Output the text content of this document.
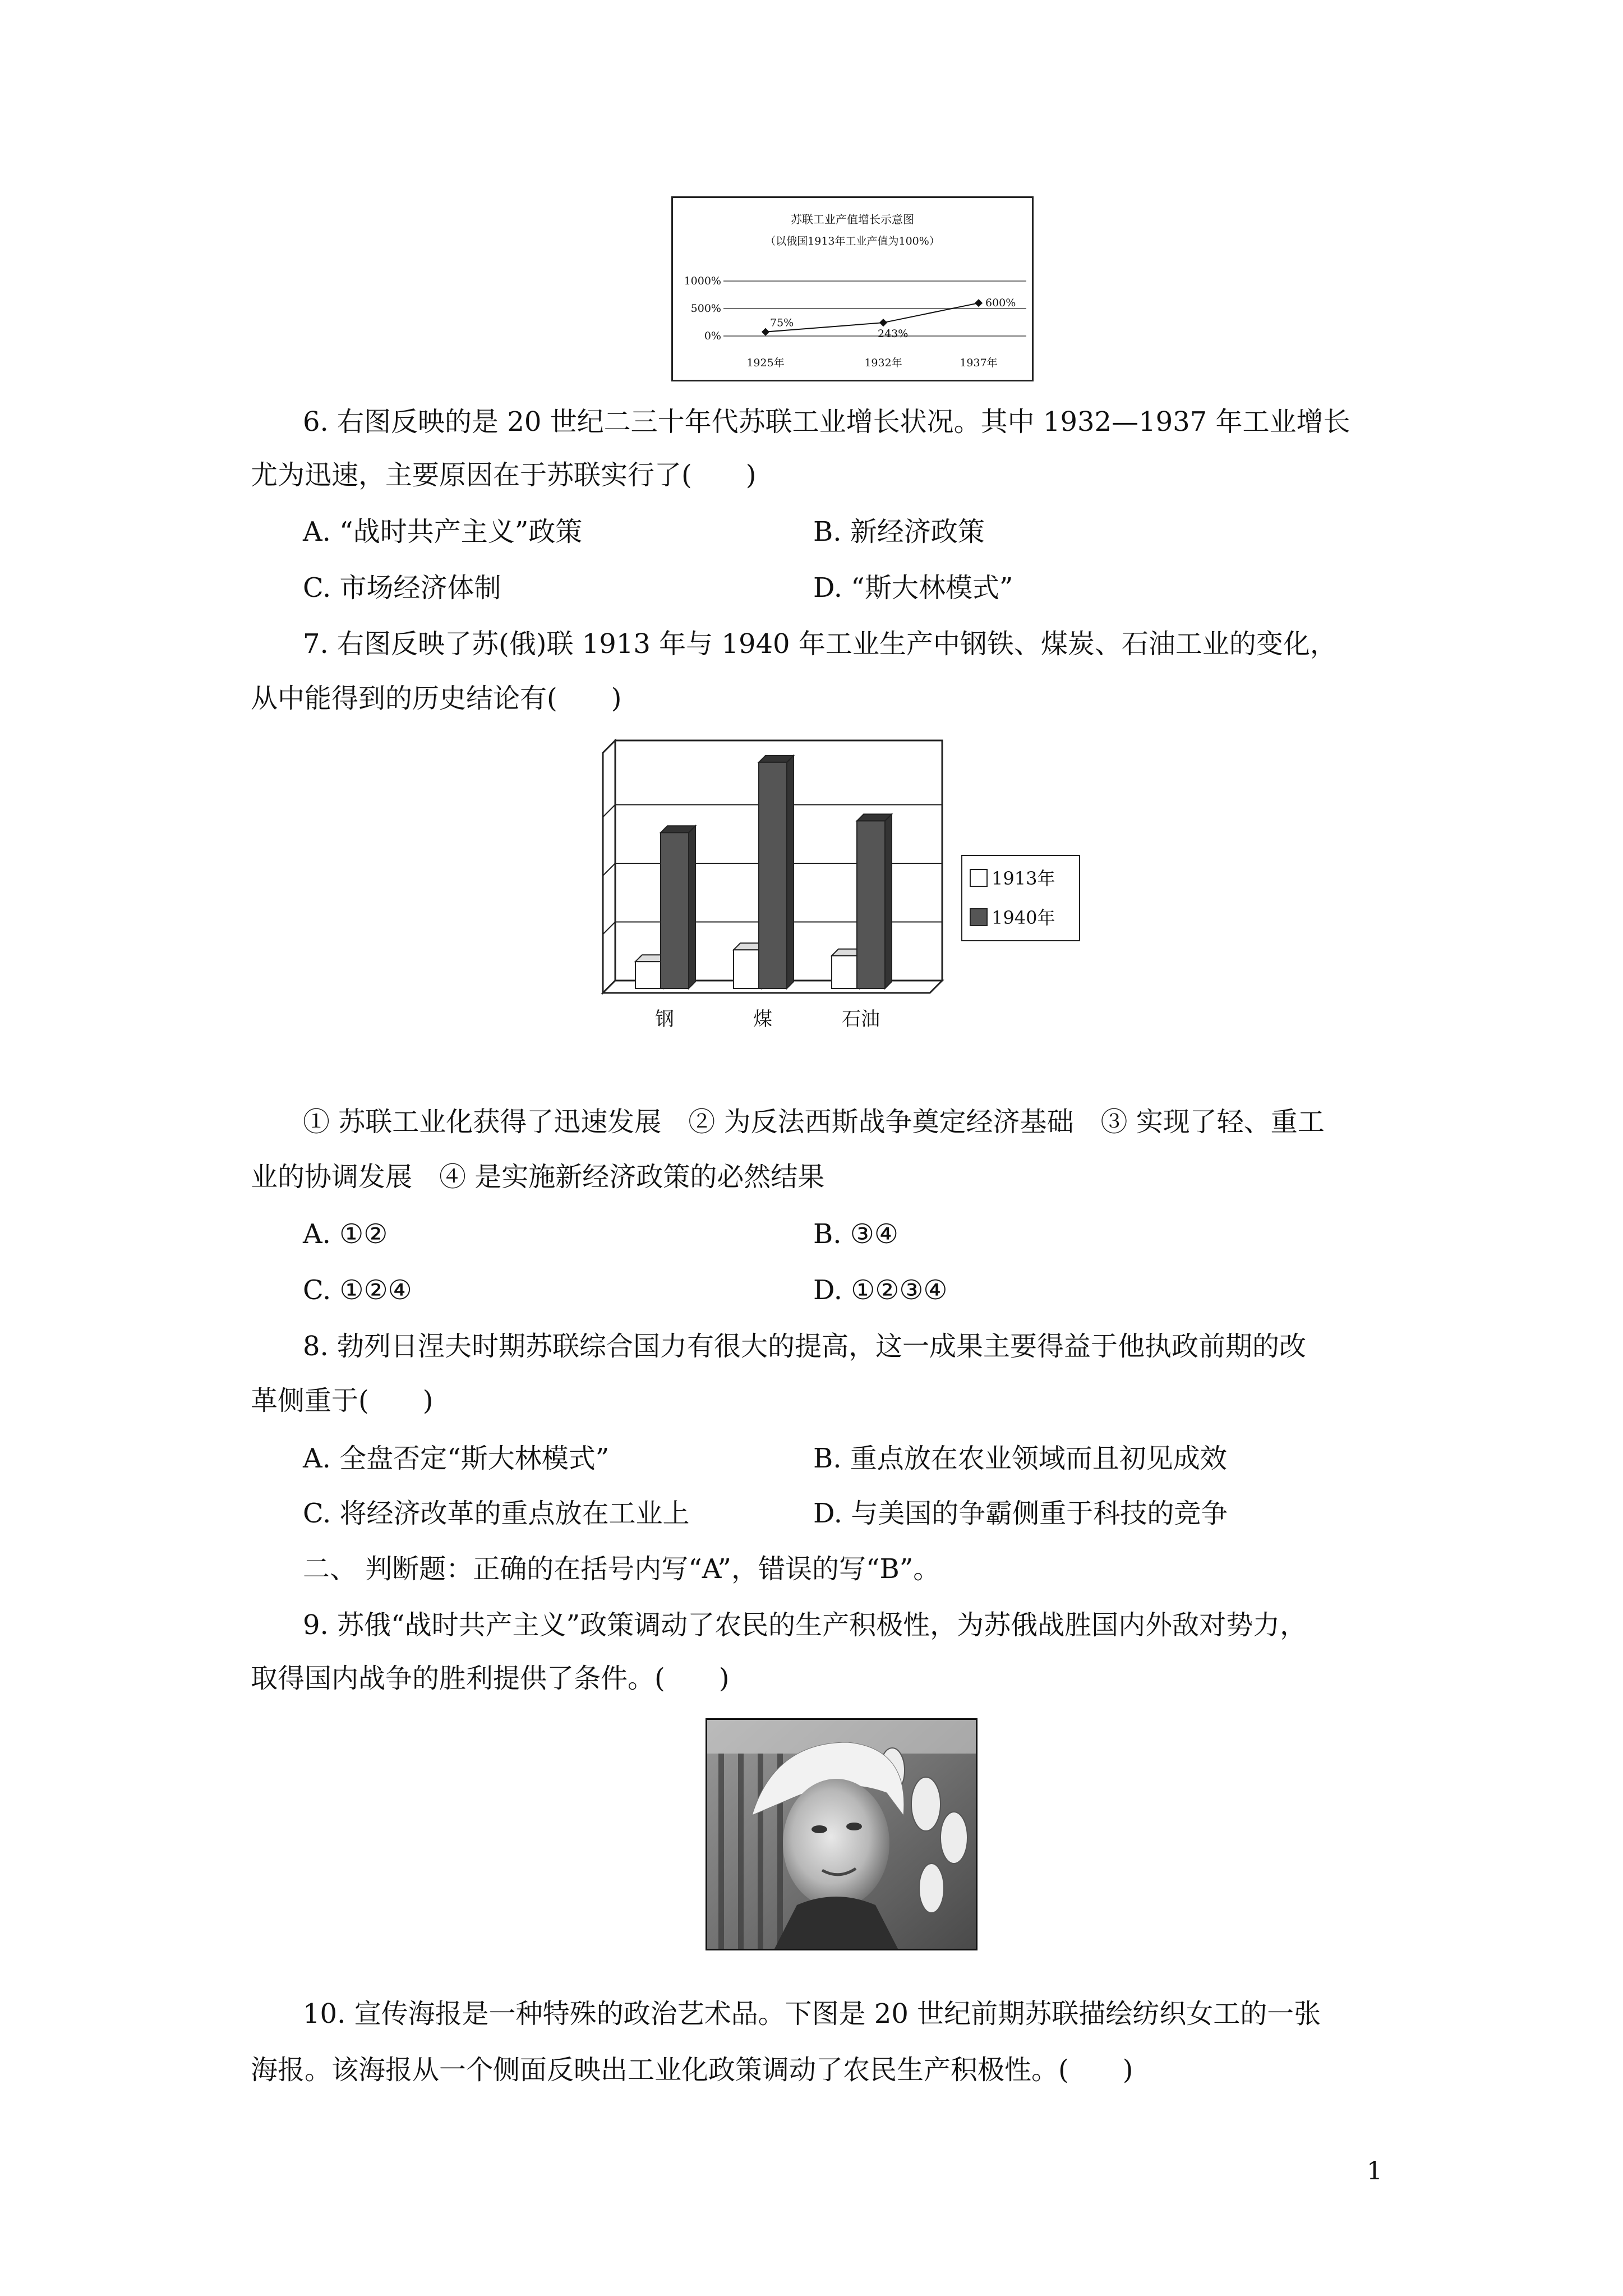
苏联工业产值增长示意图
（以俄国1913年工业产值为100%）
1000%
500%
0%
75%
243%
600%
1925年	1932年	1937年
6. 右图反映的是 20 世纪二三十年代苏联工业增长状况。其中 1932—1937 年工业增长
尤为迅速，主要原因在于苏联实行了(　　)
A. “战时共产主义”政策	B. 新经济政策
C. 市场经济体制	D. “斯大林模式”
7. 右图反映了苏(俄)联 1913 年与 1940 年工业生产中钢铁、煤炭、石油工业的变化，
从中能得到的历史结论有(　　)
钢	煤	石油
1913年
1940年
① 苏联工业化获得了迅速发展　② 为反法西斯战争奠定经济基础　③ 实现了轻、重工
业的协调发展　④ 是实施新经济政策的必然结果
A. ①②	B. ③④
C. ①②④	D. ①②③④
8. 勃列日涅夫时期苏联综合国力有很大的提高，这一成果主要得益于他执政前期的改
革侧重于(　　)
A. 全盘否定“斯大林模式”	B. 重点放在农业领域而且初见成效
C. 将经济改革的重点放在工业上	D. 与美国的争霸侧重于科技的竞争
二、 判断题：正确的在括号内写“A”，错误的写“B”。
9. 苏俄“战时共产主义”政策调动了农民的生产积极性，为苏俄战胜国内外敌对势力，
取得国内战争的胜利提供了条件。(　　)
10. 宣传海报是一种特殊的政治艺术品。下图是 20 世纪前期苏联描绘纺织女工的一张
海报。该海报从一个侧面反映出工业化政策调动了农民生产积极性。(　　)
1
